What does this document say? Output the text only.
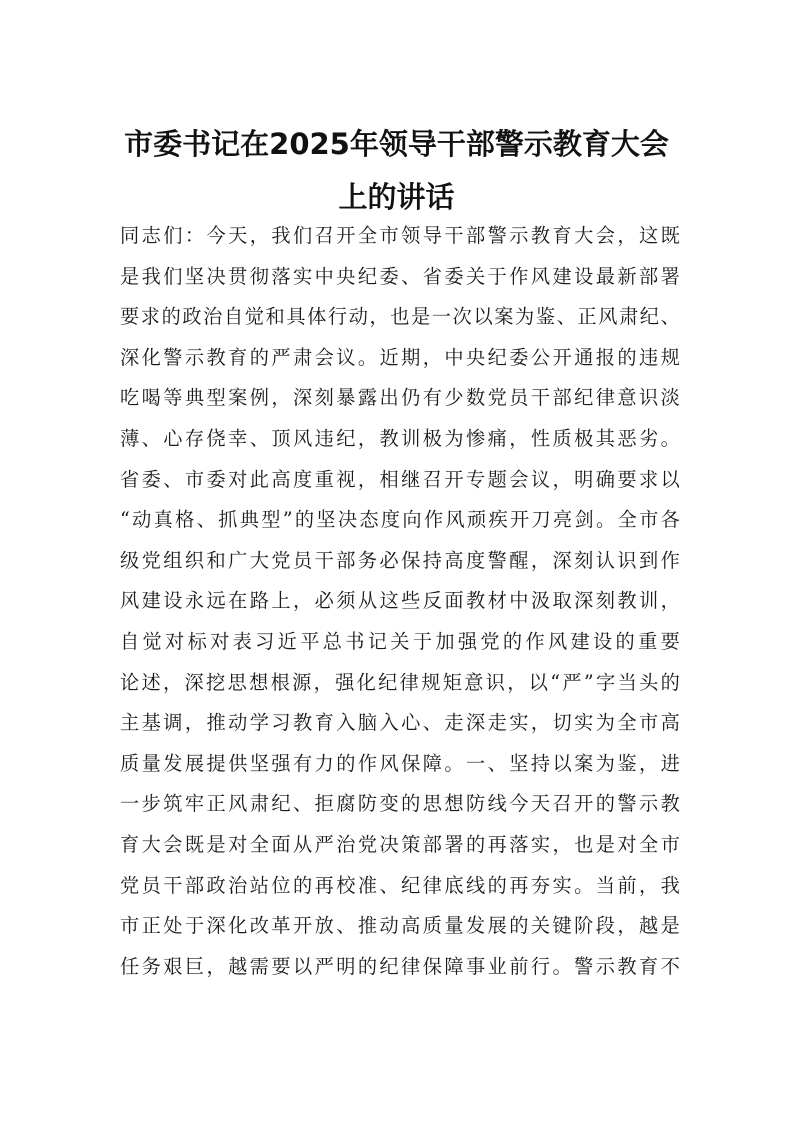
市委书记在2025年领导干部警示教育大会
上的讲话
同志们：今天，我们召开全市领导干部警示教育大会，这既
是我们坚决贯彻落实中央纪委、省委关于作风建设最新部署
要求的政治自觉和具体行动，也是一次以案为鉴、正风肃纪、
深化警示教育的严肃会议。近期，中央纪委公开通报的违规
吃喝等典型案例，深刻暴露出仍有少数党员干部纪律意识淡
薄、心存侥幸、顶风违纪，教训极为惨痛，性质极其恶劣。
省委、市委对此高度重视，相继召开专题会议，明确要求以
“动真格、抓典型”的坚决态度向作风顽疾开刀亮剑。全市各
级党组织和广大党员干部务必保持高度警醒，深刻认识到作
风建设永远在路上，必须从这些反面教材中汲取深刻教训，
自觉对标对表习近平总书记关于加强党的作风建设的重要
论述，深挖思想根源，强化纪律规矩意识，以“严”字当头的
主基调，推动学习教育入脑入心、走深走实，切实为全市高
质量发展提供坚强有力的作风保障。一、坚持以案为鉴，进
一步筑牢正风肃纪、拒腐防变的思想防线今天召开的警示教
育大会既是对全面从严治党决策部署的再落实，也是对全市
党员干部政治站位的再校准、纪律底线的再夯实。当前，我
市正处于深化改革开放、推动高质量发展的关键阶段，越是
任务艰巨，越需要以严明的纪律保障事业前行。警示教育不
